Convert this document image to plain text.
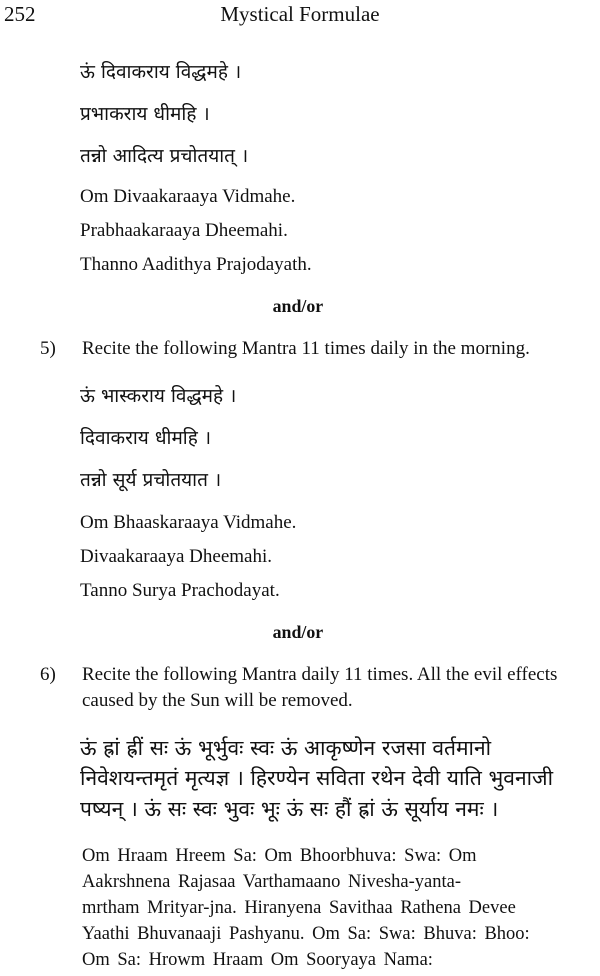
252	Mystical Formulae
ऊं दिवाकराय विद्धमहे ।
प्रभाकराय धीमहि ।
तन्नो आदित्य प्रचोतयात् ।
Om Divaakaraaya Vidmahe.
Prabhaakaraaya Dheemahi.
Thanno Aadithya Prajodayath.
and/or
5) Recite the following Mantra 11 times daily in the morning.
ऊं भास्कराय विद्धमहे ।
दिवाकराय धीमहि ।
तन्नो सूर्य प्रचोतयात ।
Om Bhaaskaraaya Vidmahe.
Divaakaraaya Dheemahi.
Tanno Surya Prachodayat.
and/or
6) Recite the following Mantra daily 11 times. All the evil effects
caused by the Sun will be removed.
ऊं ह्रां ह्रीं सः ऊं भूर्भुवः स्वः ऊं आकृष्णेन रजसा वर्तमानो
निवेशयन्तमृतं मृत्यज्ञ । हिरण्येन सविता रथेन देवी याति भुवनाजी
पष्यन् । ऊं सः स्वः भुवः भूः ऊं सः हौं ह्रां ऊं सूर्याय नमः ।
Om Hraam Hreem Sa: Om Bhoorbhuva: Swa: Om
Aakrshnena Rajasaa Varthamaano Nivesha-yanta-
mrtham Mrityar-jna. Hiranyena Savithaa Rathena Devee
Yaathi Bhuvanaaji Pashyanu. Om Sa: Swa: Bhuva: Bhoo:
Om Sa: Hrowm Hraam Om Sooryaya Nama:
